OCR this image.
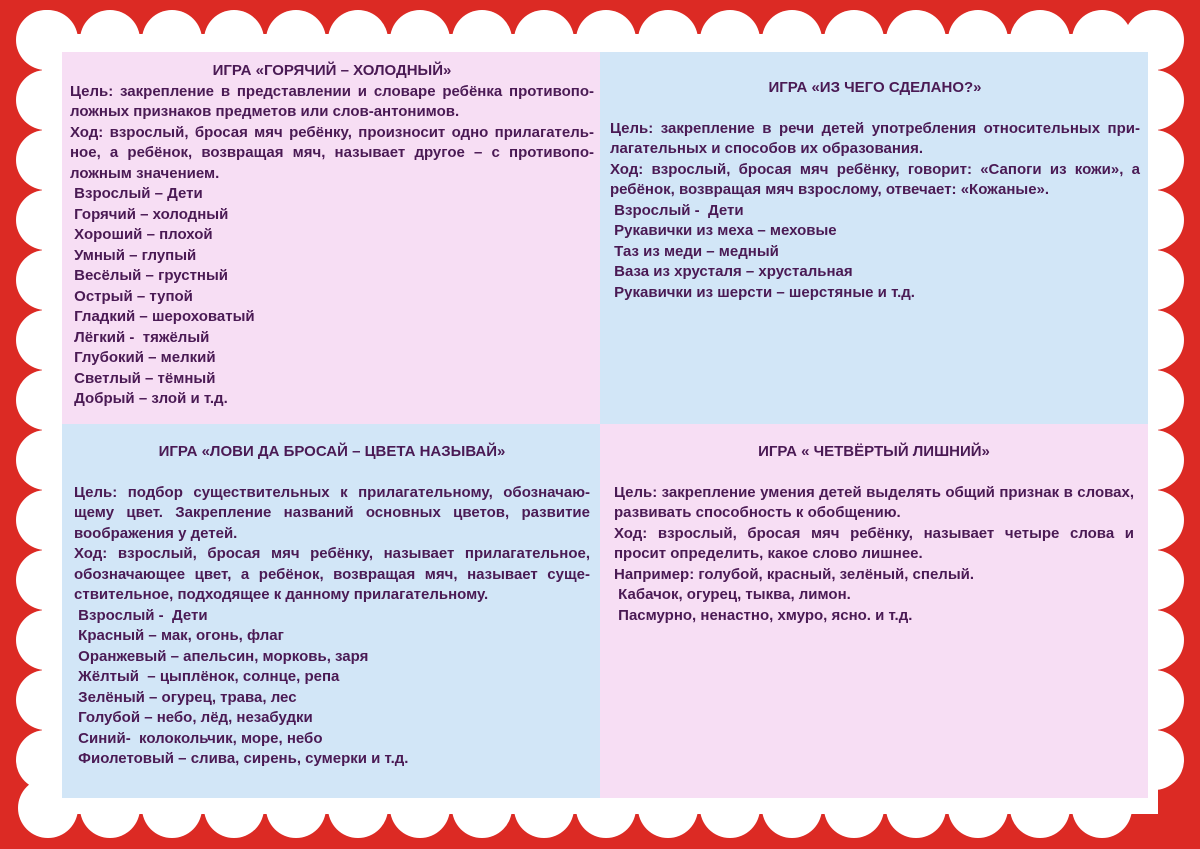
ИГРА «ГОРЯЧИЙ – ХОЛОДНЫЙ»
Цель: закрепление в представлении и словаре ребёнка противопо-ложных признаков предметов или слов-антонимов.
Ход: взрослый, бросая мяч ребёнку, произносит одно прилагатель-ное, а ребёнок, возвращая мяч, называет другое – с противопо-ложным значением.
Взрослый – Дети
Горячий – холодный
Хороший – плохой
Умный – глупый
Весёлый – грустный
Острый – тупой
Гладкий – шероховатый
Лёгкий -  тяжёлый
Глубокий – мелкий
Светлый – тёмный
Добрый – злой и т.д.
ИГРА «ИЗ ЧЕГО СДЕЛАНО?»
Цель: закрепление в речи детей употребления относительных при-лагательных и способов их образования.
Ход: взрослый, бросая мяч ребёнку, говорит: «Сапоги из кожи», а ребёнок, возвращая мяч взрослому, отвечает: «Кожаные».
Взрослый -  Дети
Рукавички из меха – меховые
Таз из меди – медный
Ваза из хрусталя – хрустальная
Рукавички из шерсти – шерстяные и т.д.
ИГРА «ЛОВИ ДА БРОСАЙ – ЦВЕТА НАЗЫВАЙ»
Цель: подбор существительных к прилагательному, обозначаю-щему цвет. Закрепление названий основных цветов, развитие воображения у детей.
Ход: взрослый, бросая мяч ребёнку, называет прилагательное, обозначающее цвет, а ребёнок, возвращая мяч, называет суще-ствительное, подходящее к данному прилагательному.
Взрослый -  Дети
Красный – мак, огонь, флаг
Оранжевый – апельсин, морковь, заря
Жёлтый  – цыплёнок, солнце, репа
Зелёный – огурец, трава, лес
Голубой – небо, лёд, незабудки
Синий-  колокольчик, море, небо
Фиолетовый – слива, сирень, сумерки и т.д.
ИГРА « ЧЕТВЁРТЫЙ ЛИШНИЙ»
Цель: закрепление умения детей выделять общий признак в словах, развивать способность к обобщению.
Ход: взрослый, бросая мяч ребёнку, называет четыре слова и просит определить, какое слово лишнее.
Например: голубой, красный, зелёный, спелый.
Кабачок, огурец, тыква, лимон.
Пасмурно, ненастно, хмуро, ясно. и т.д.
